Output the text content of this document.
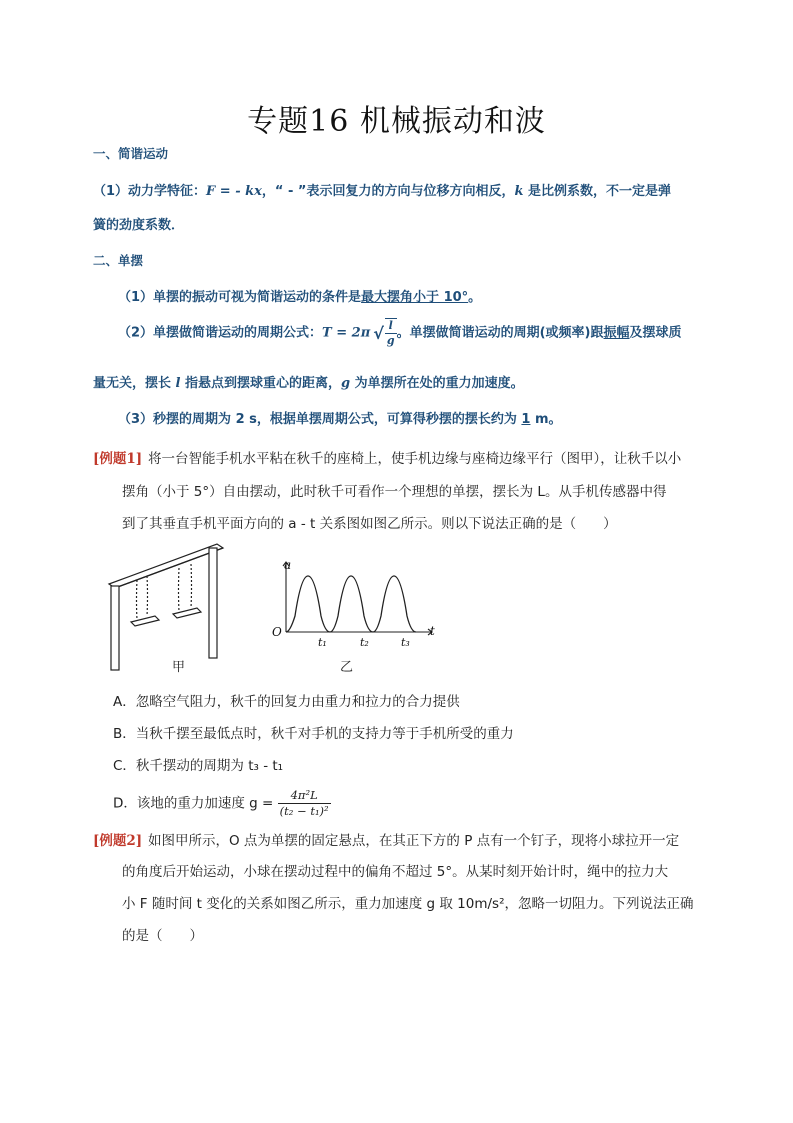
专题16 机械振动和波
一、简谐运动
（1）动力学特征：F = - kx，“ - ”表示回复力的方向与位移方向相反，k 是比例系数，不一定是弹
簧的劲度系数．
二、单摆
（1）单摆的振动可视为简谐运动的条件是最大摆角小于 10°。
（2）单摆做简谐运动的周期公式：T = 2π √ $\frac{l}{g}$ 。单摆做简谐运动的周期(或频率)跟振幅及摆球质
量无关，摆长 l 指悬点到摆球重心的距离，g 为单摆所在处的重力加速度。
（3）秒摆的周期为 2 s，根据单摆周期公式，可算得秒摆的摆长约为 1 m。
[例题1] 将一台智能手机水平粘在秋千的座椅上，使手机边缘与座椅边缘平行（图甲），让秋千以小
摆角（小于 5°）自由摆动，此时秋千可看作一个理想的单摆，摆长为 L。从手机传感器中得
到了其垂直手机平面方向的 a - t 关系图如图乙所示。则以下说法正确的是（　　）
甲
a
t
O
t₁	t₂	t₃
乙
A．忽略空气阻力，秋千的回复力由重力和拉力的合力提供
B．当秋千摆至最低点时，秋千对手机的支持力等于手机所受的重力
C．秋千摆动的周期为 t₃ - t₁
D．该地的重力加速度 $g = \frac{\text{4π²L}}{\text{(t₂ − t₁)²}}$
[例题2] 如图甲所示，O 点为单摆的固定悬点，在其正下方的 P 点有一个钉子，现将小球拉开一定
的角度后开始运动，小球在摆动过程中的偏角不超过 5°。从某时刻开始计时，绳中的拉力大
小 F 随时间 t 变化的关系如图乙所示，重力加速度 g 取 10m/s²，忽略一切阻力。下列说法正确
的是（　　）
